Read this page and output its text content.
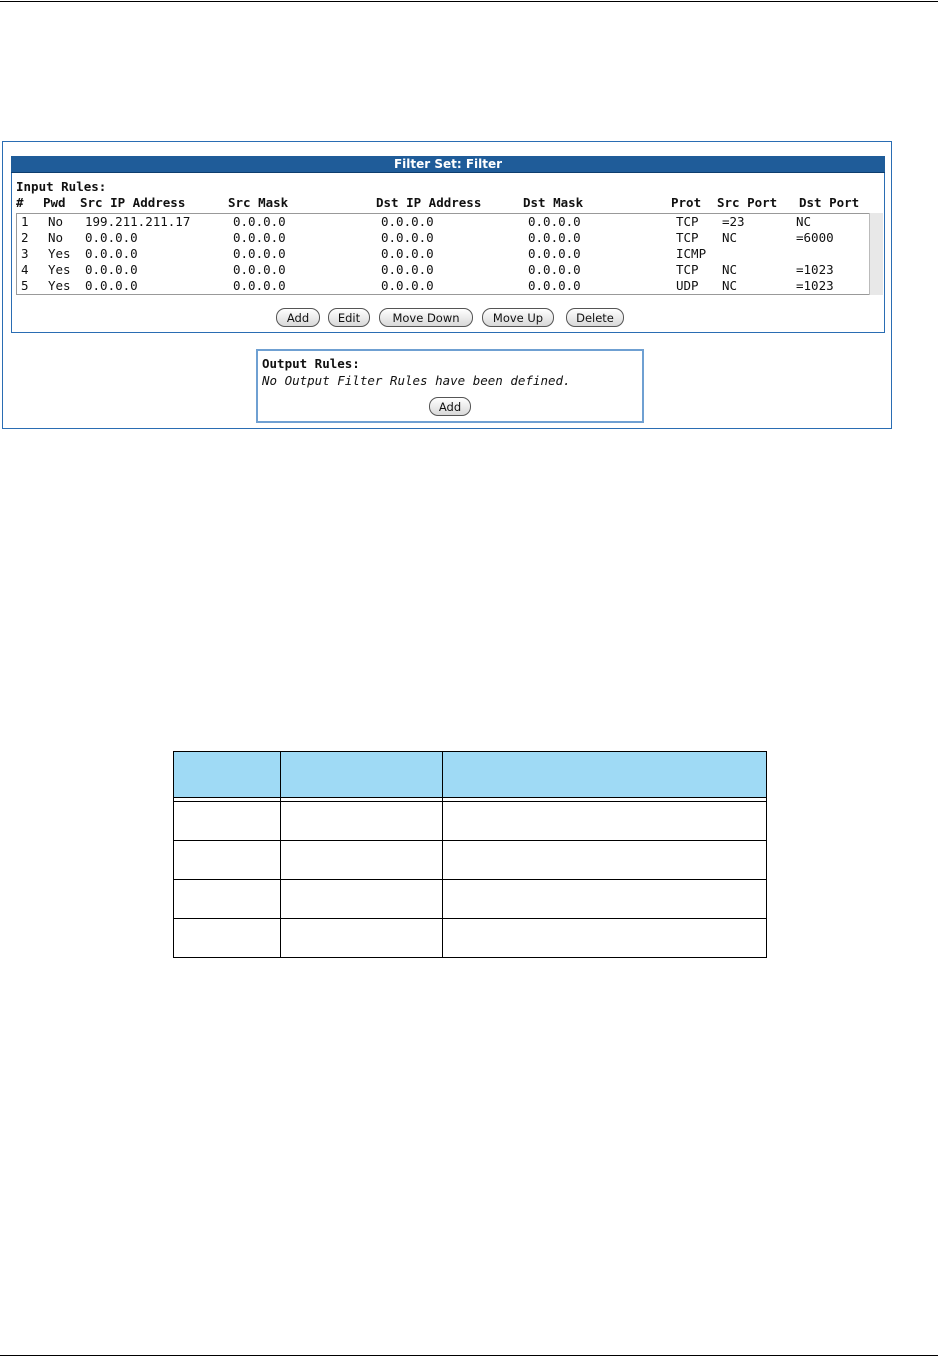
Filter Set: Filter
Input Rules:
# Pwd Src IP Address	Src Mask	Dst IP Address	Dst Mask	Prot Src Port Dst Port
1 No 199.211.211.17	0.0.0.0	0.0.0.0	0.0.0.0	TCP =23	NC
2 No 0.0.0.0	0.0.0.0	0.0.0.0	0.0.0.0	TCP NC	=6000
3 Yes 0.0.0.0	0.0.0.0	0.0.0.0	0.0.0.0	ICMP
4 Yes 0.0.0.0	0.0.0.0	0.0.0.0	0.0.0.0	TCP NC	=1023
5 Yes 0.0.0.0	0.0.0.0	0.0.0.0	0.0.0.0	UDP NC	=1023
Add	Edit	Move Down	Move Up	Delete
Output Rules:
No Output Filter Rules have been defined.
Add
